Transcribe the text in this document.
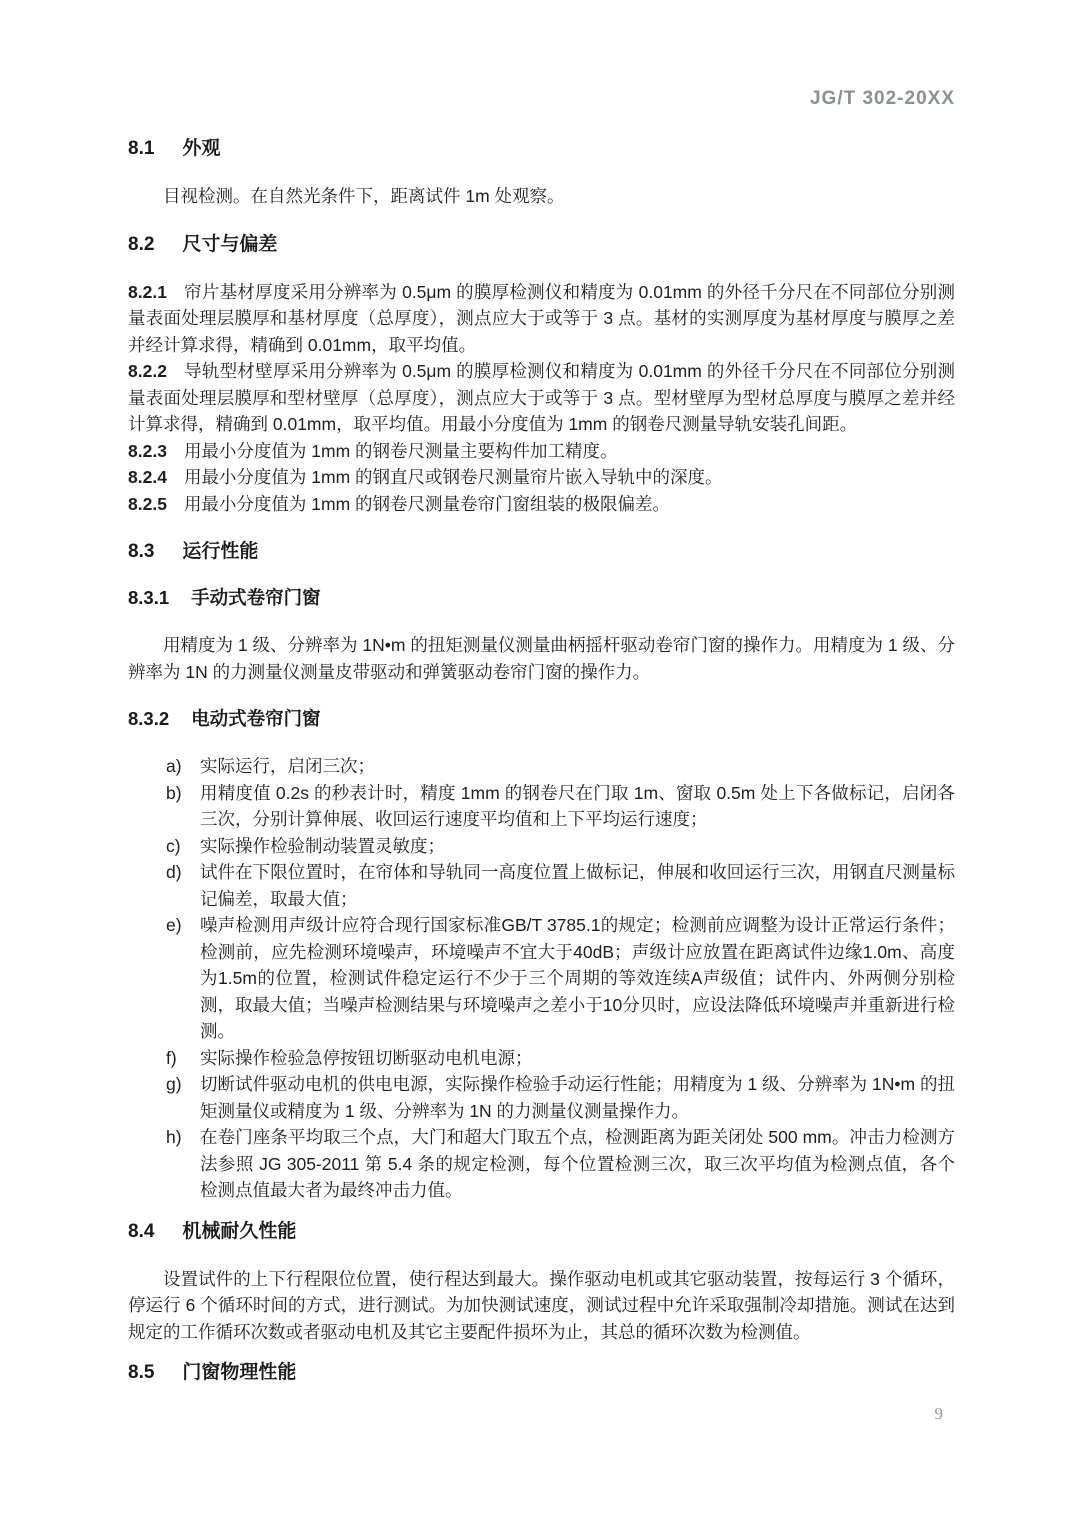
JG/T 302-20XX
8.1 外观

目视检测。在自然光条件下，距离试件 1m 处观察。

8.2 尺寸与偏差

8.2.1 帘片基材厚度采用分辨率为 0.5μm 的膜厚检测仪和精度为 0.01mm 的外径千分尺在不同部位分别测量表面处理层膜厚和基材厚度（总厚度），测点应大于或等于 3 点。基材的实测厚度为基材厚度与膜厚之差并经计算求得，精确到 0.01mm，取平均值。

8.2.2 导轨型材壁厚采用分辨率为 0.5μm 的膜厚检测仪和精度为 0.01mm 的外径千分尺在不同部位分别测量表面处理层膜厚和型材壁厚（总厚度），测点应大于或等于 3 点。型材壁厚为型材总厚度与膜厚之差并经计算求得，精确到 0.01mm，取平均值。用最小分度值为 1mm 的钢卷尺测量导轨安装孔间距。

8.2.3 用最小分度值为 1mm 的钢卷尺测量主要构件加工精度。

8.2.4 用最小分度值为 1mm 的钢直尺或钢卷尺测量帘片嵌入导轨中的深度。

8.2.5 用最小分度值为 1mm 的钢卷尺测量卷帘门窗组装的极限偏差。

8.3 运行性能
8.3.1 手动式卷帘门窗

用精度为 1 级、分辨率为 1N•m 的扭矩测量仪测量曲柄摇杆驱动卷帘门窗的操作力。用精度为 1 级、分辨率为 1N 的力测量仪测量皮带驱动和弹簧驱动卷帘门窗的操作力。

8.3.2 电动式卷帘门窗
a)	实际运行，启闭三次；
b)	用精度值 0.2s 的秒表计时，精度 1mm 的钢卷尺在门取 1m、窗取 0.5m 处上下各做标记，启闭各三次，分别计算伸展、收回运行速度平均值和上下平均运行速度；
c)	实际操作检验制动装置灵敏度；
d)	试件在下限位置时，在帘体和导轨同一高度位置上做标记，伸展和收回运行三次，用钢直尺测量标记偏差，取最大值；
e)	噪声检测用声级计应符合现行国家标准GB/T 3785.1的规定；检测前应调整为设计正常运行条件；检测前，应先检测环境噪声，环境噪声不宜大于40dB；声级计应放置在距离试件边缘1.0m、高度为1.5m的位置，检测试件稳定运行不少于三个周期的等效连续A声级值；试件内、外两侧分别检测，取最大值；当噪声检测结果与环境噪声之差小于10分贝时，应设法降低环境噪声并重新进行检测。
f)	实际操作检验急停按钮切断驱动电机电源；
g)	切断试件驱动电机的供电电源，实际操作检验手动运行性能；用精度为 1 级、分辨率为 1N•m 的扭矩测量仪或精度为 1 级、分辨率为 1N 的力测量仪测量操作力。
h)	在卷门座条平均取三个点，大门和超大门取五个点，检测距离为距关闭处 500 mm。冲击力检测方法参照 JG 305-2011 第 5.4 条的规定检测，每个位置检测三次，取三次平均值为检测点值，各个检测点值最大者为最终冲击力值。
8.4 机械耐久性能

设置试件的上下行程限位位置，使行程达到最大。操作驱动电机或其它驱动装置，按每运行 3 个循环，停运行 6 个循环时间的方式，进行测试。为加快测试速度，测试过程中允许采取强制冷却措施。测试在达到规定的工作循环次数或者驱动电机及其它主要配件损坏为止，其总的循环次数为检测值。

8.5 门窗物理性能
9
